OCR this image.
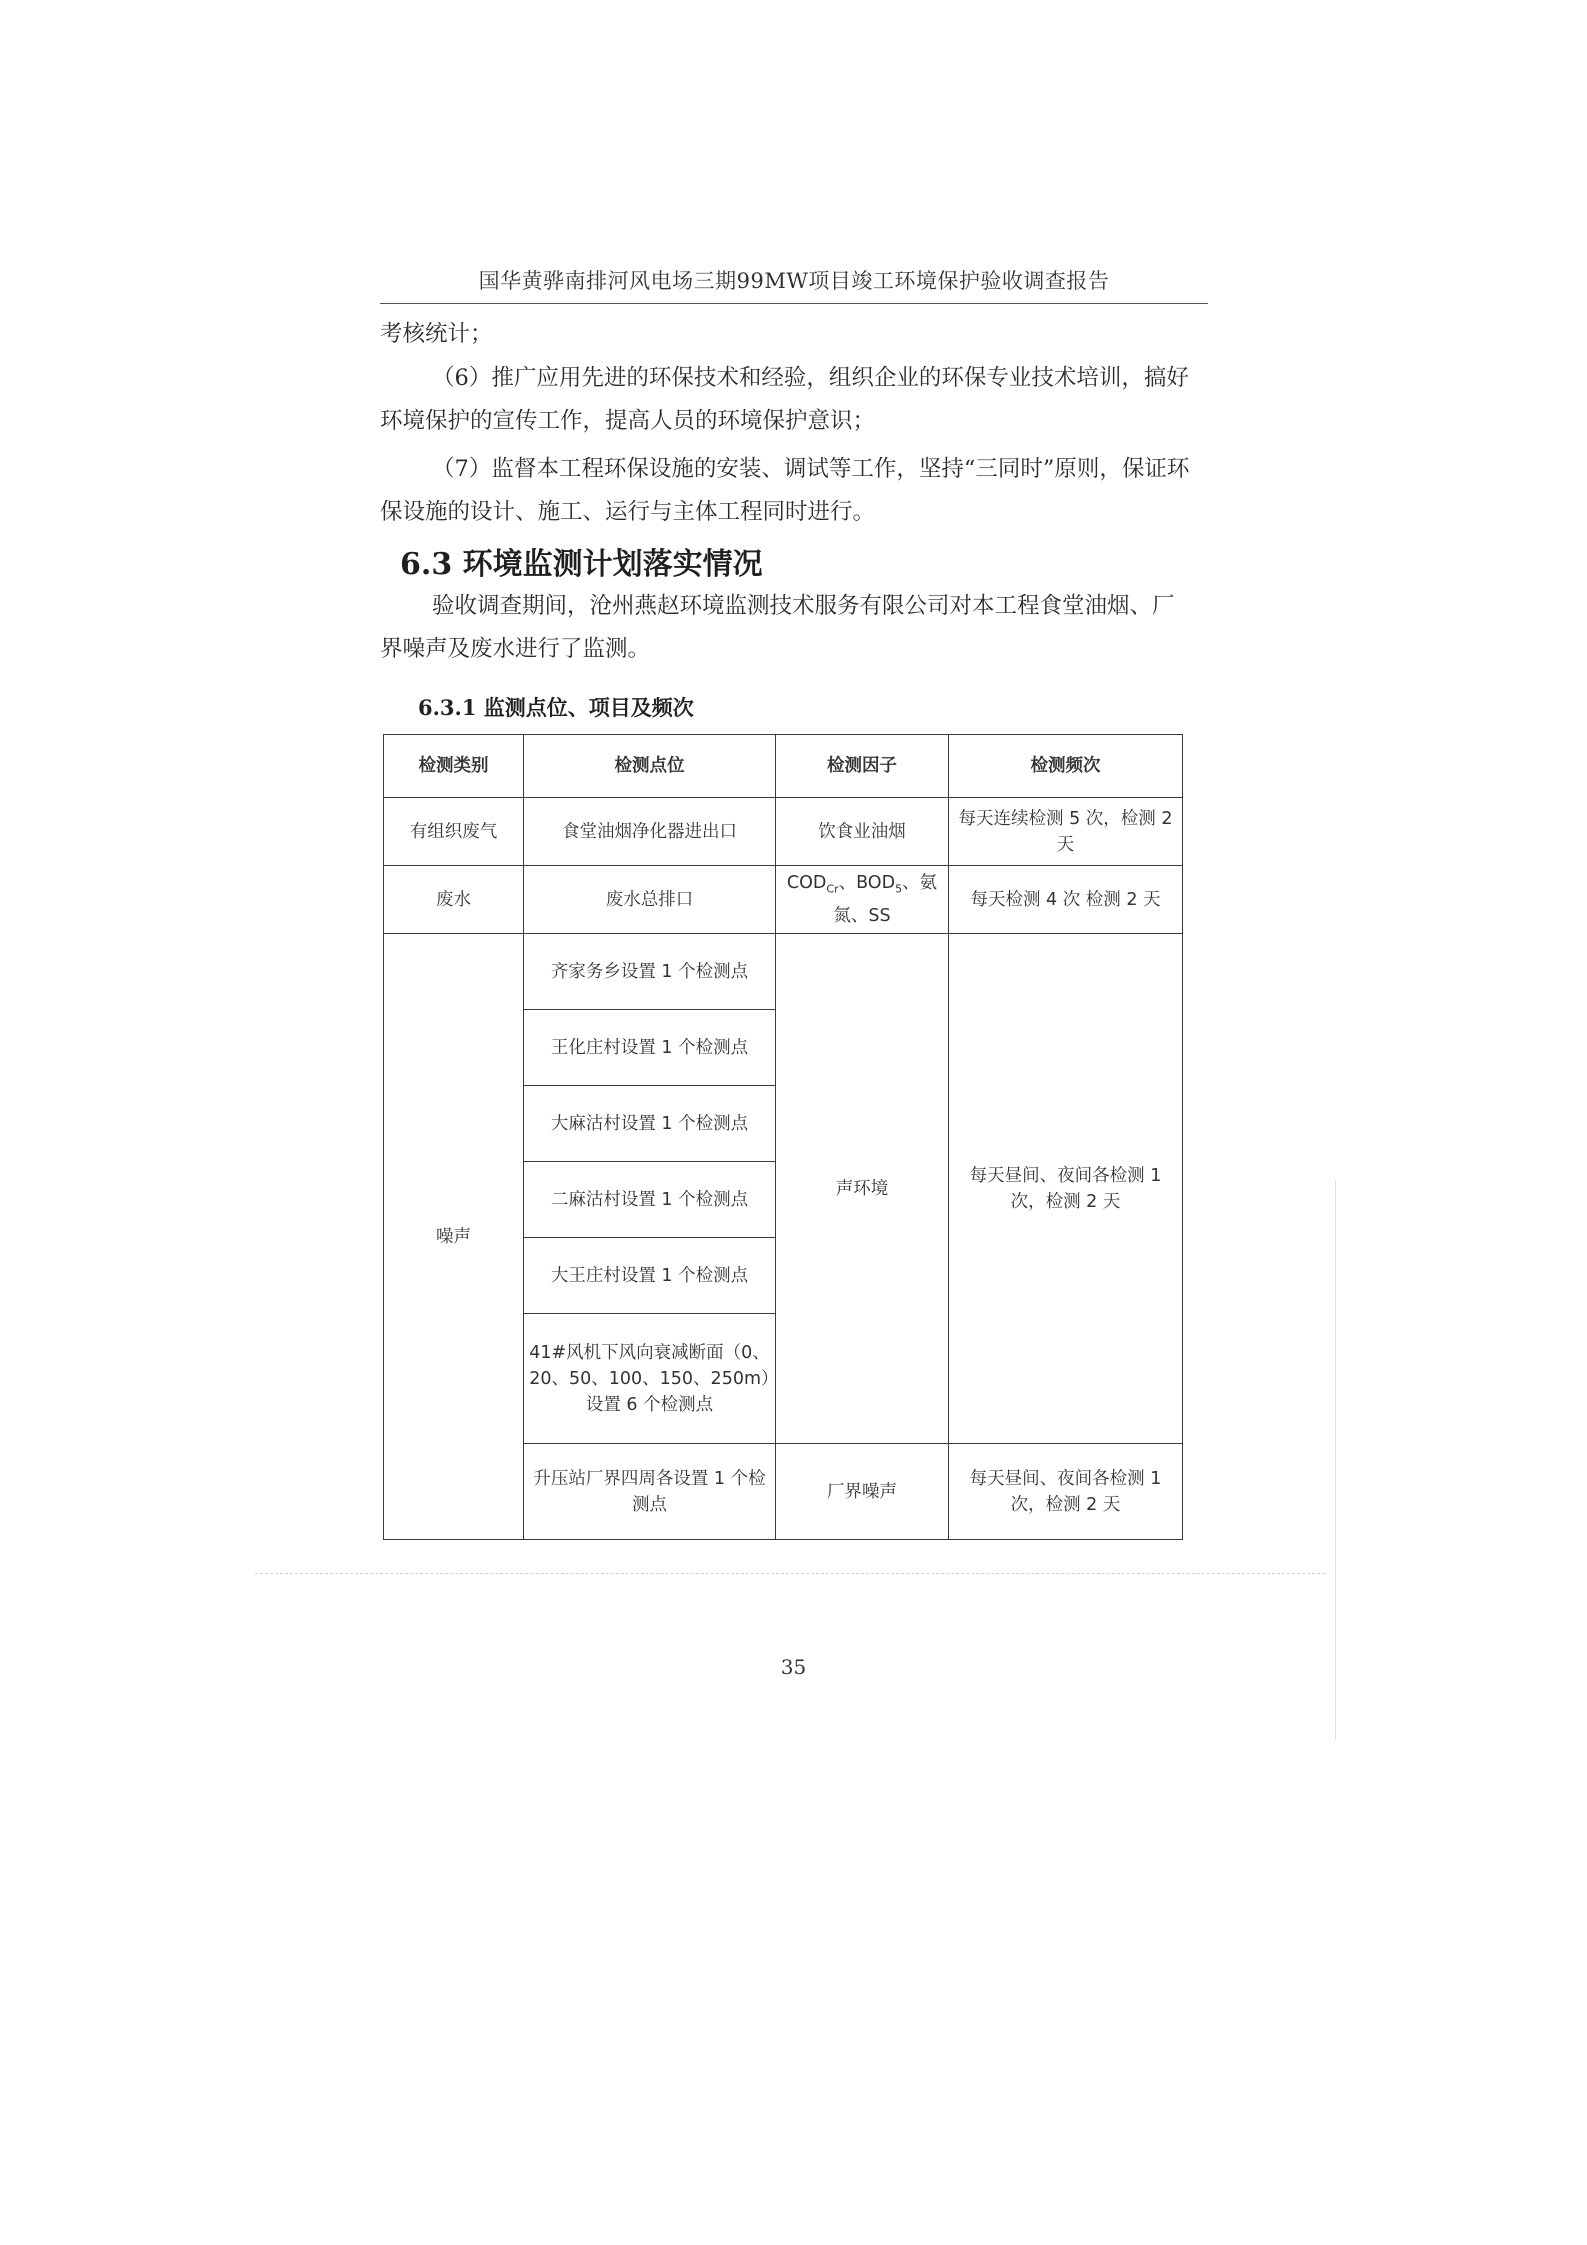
国华黄骅南排河风电场三期99MW项目竣工环境保护验收调查报告

考核统计；

（6）推广应用先进的环保技术和经验，组织企业的环保专业技术培训，搞好环境保护的宣传工作，提高人员的环境保护意识；

（7）监督本工程环保设施的安装、调试等工作，坚持“三同时”原则，保证环保设施的设计、施工、运行与主体工程同时进行。

6.3 环境监测计划落实情况

验收调查期间，沧州燕赵环境监测技术服务有限公司对本工程食堂油烟、厂界噪声及废水进行了监测。

6.3.1 监测点位、项目及频次
检测类别	检测点位	检测因子	检测频次
有组织废气	食堂油烟净化器进出口	饮食业油烟	每天连续检测 5 次，检测 2 天
废水	废水总排口	$COD_{Cr}$、$BOD_5$、氨氮、SS	每天检测 4 次 检测 2 天
噪声	齐家务乡设置 1 个检测点	声环境	每天昼间、夜间各检测 1 次，检测 2 天
	王化庄村设置 1 个检测点		
	大麻沽村设置 1 个检测点		
	二麻沽村设置 1 个检测点		
	大王庄村设置 1 个检测点		
	41#风机下风向衰减断面（0、20、50、100、150、250m）设置 6 个检测点		
	升压站厂界四周各设置 1 个检测点	厂界噪声	每天昼间、夜间各检测 1 次，检测 2 天
35
